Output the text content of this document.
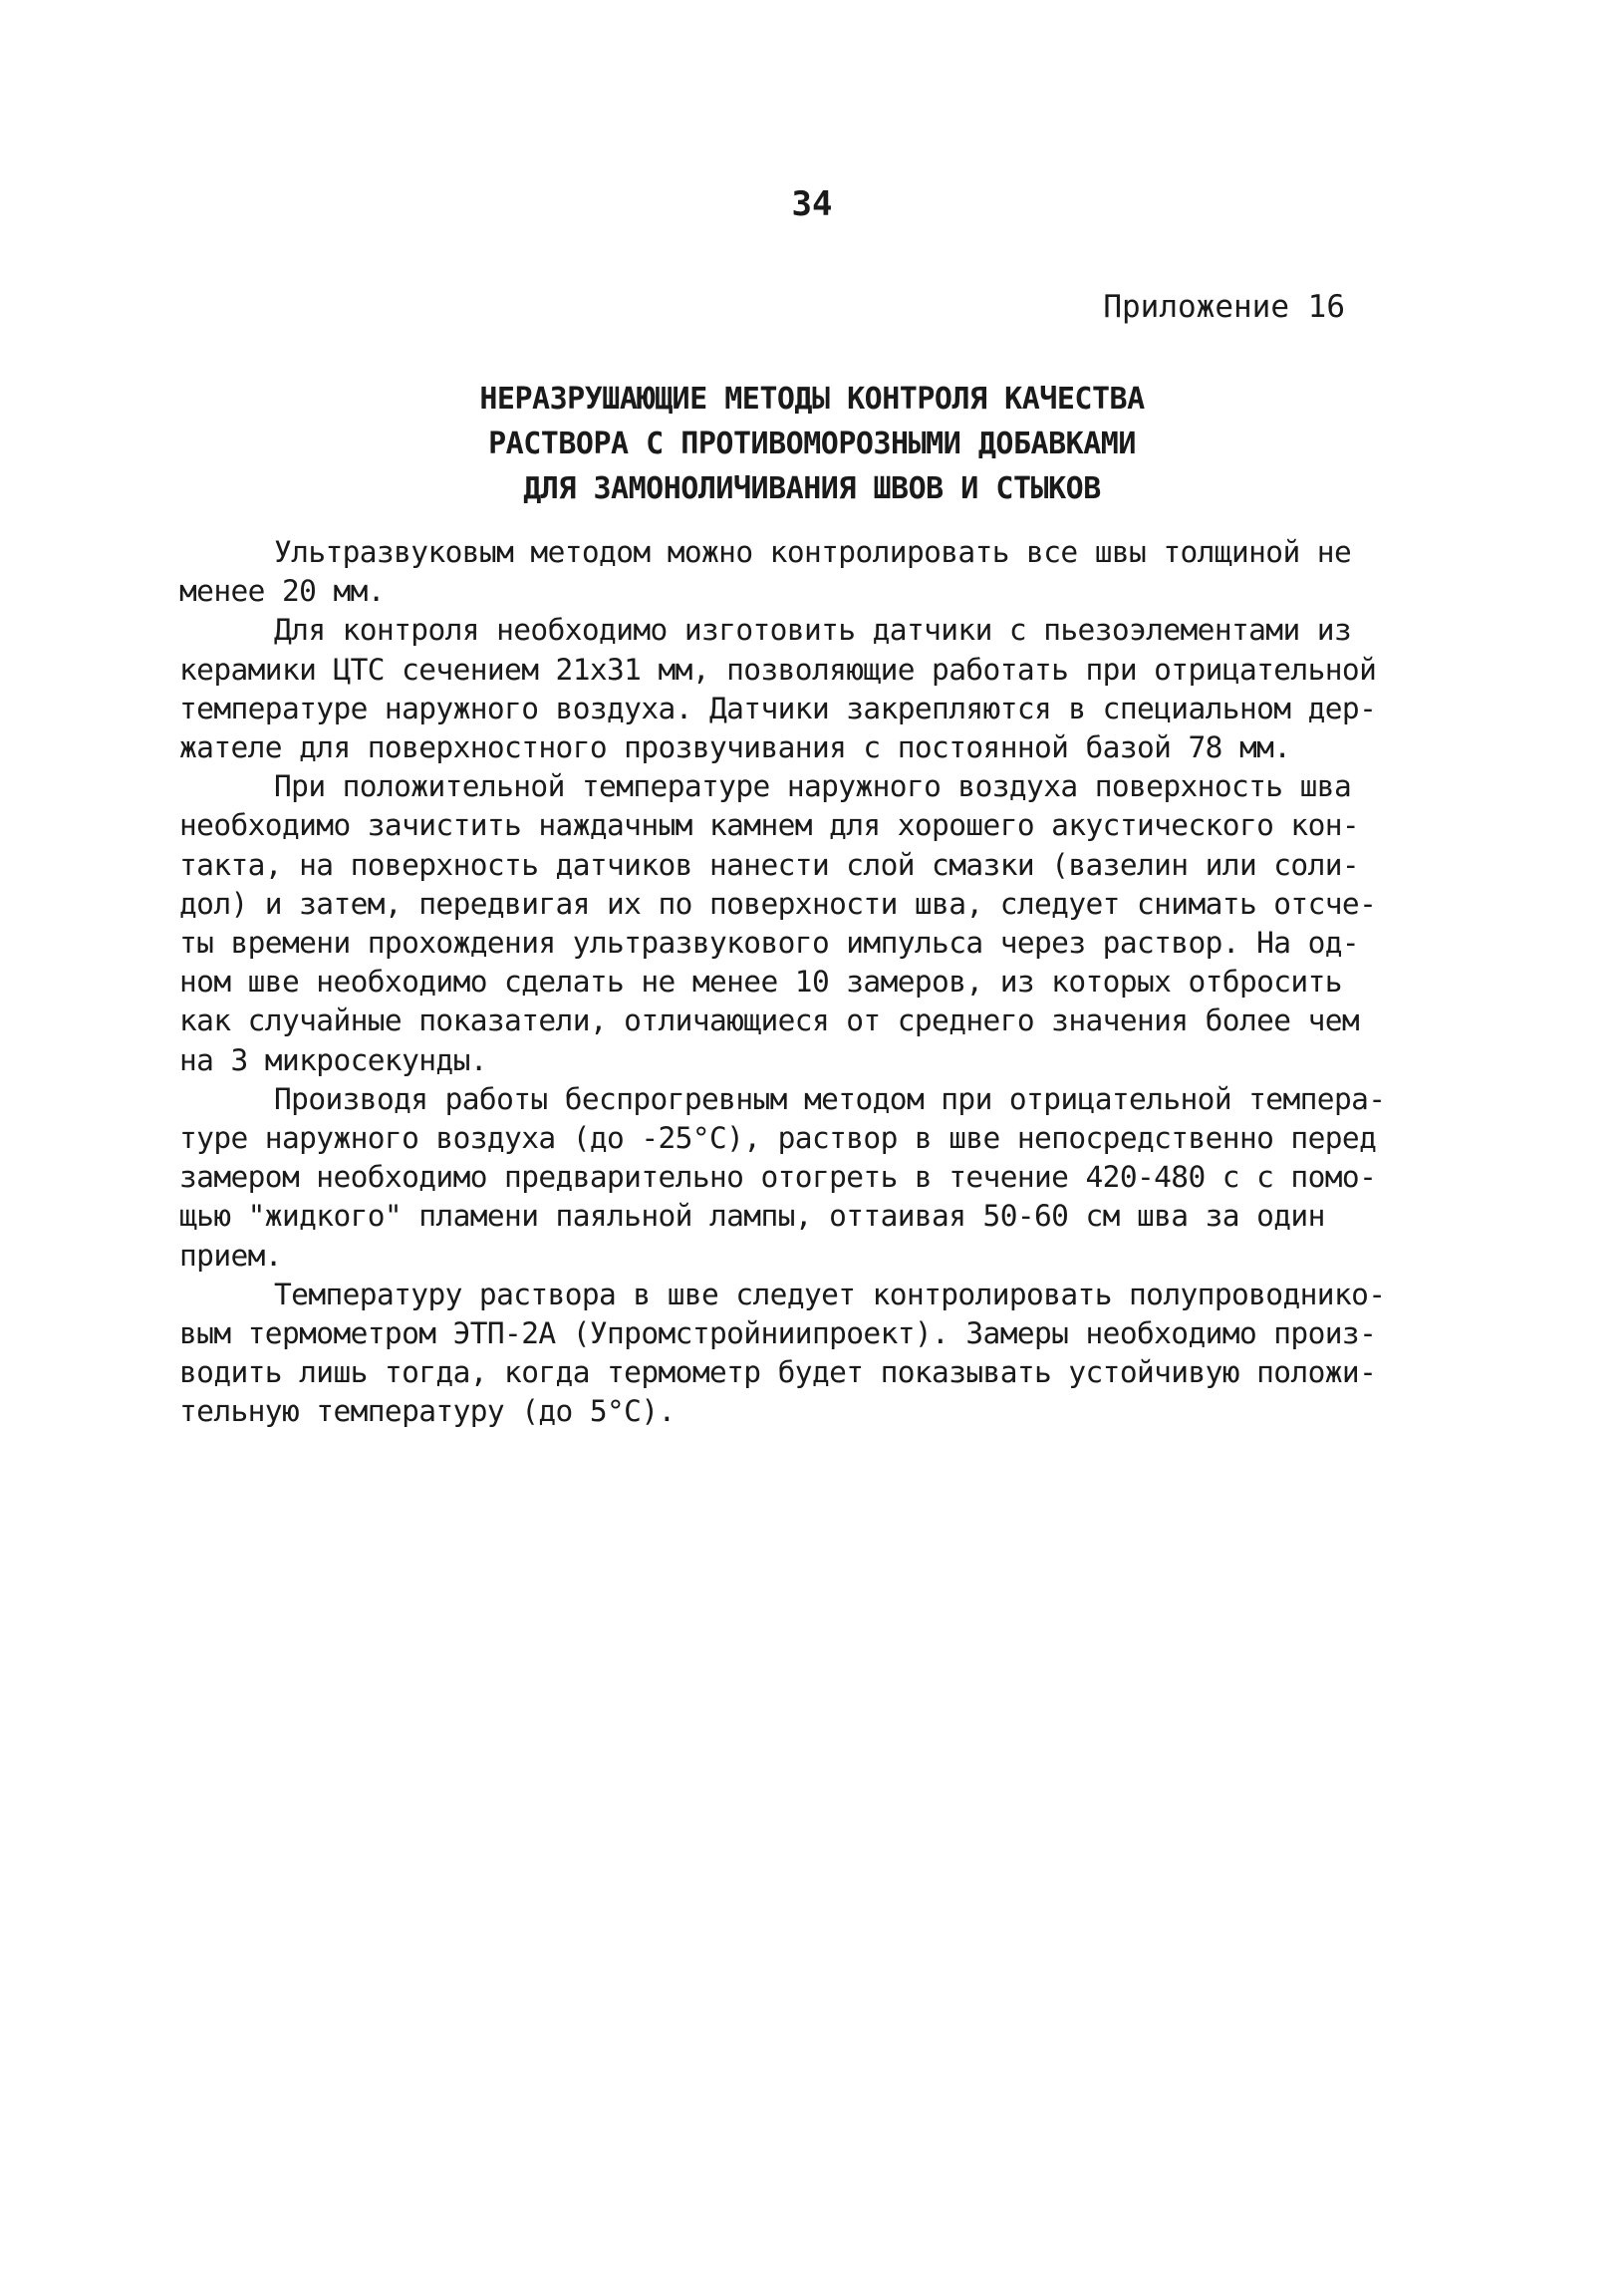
34
Приложение 16
НЕРАЗРУШАЮЩИЕ МЕТОДЫ КОНТРОЛЯ КАЧЕСТВА
РАСТВОРА С ПРОТИВОМОРОЗНЫМИ ДОБАВКАМИ
ДЛЯ ЗАМОНОЛИЧИВАНИЯ ШВОВ И СТЫКОВ
Ультразвуковым методом можно контролировать все швы толщиной не
менее 20 мм.
Для контроля необходимо изготовить датчики с пьезоэлементами из
керамики ЦТС сечением 21х31 мм, позволяющие работать при отрицательной
температуре наружного воздуха. Датчики закрепляются в специальном дер-
жателе для поверхностного прозвучивания с постоянной базой 78 мм.
При положительной температуре наружного воздуха поверхность шва
необходимо зачистить наждачным камнем для хорошего акустического кон-
такта, на поверхность датчиков нанести слой смазки (вазелин или соли-
дол) и затем, передвигая их по поверхности шва, следует снимать отсче-
ты времени прохождения ультразвукового импульса через раствор. На од-
ном шве необходимо сделать не менее 10 замеров, из которых отбросить
как случайные показатели, отличающиеся от среднего значения более чем
на 3 микросекунды.
Производя работы беспрогревным методом при отрицательной темпера-
туре наружного воздуха (до -25°С), раствор в шве непосредственно перед
замером необходимо предварительно отогреть в течение 420-480 с с помо-
щью "жидкого" пламени паяльной лампы, оттаивая 50-60 см шва за один
прием.
Температуру раствора в шве следует контролировать полупроводнико-
вым термометром ЭТП-2А (Упромстройниипроект). Замеры необходимо произ-
водить лишь тогда, когда термометр будет показывать устойчивую положи-
тельную температуру (до 5°С).
